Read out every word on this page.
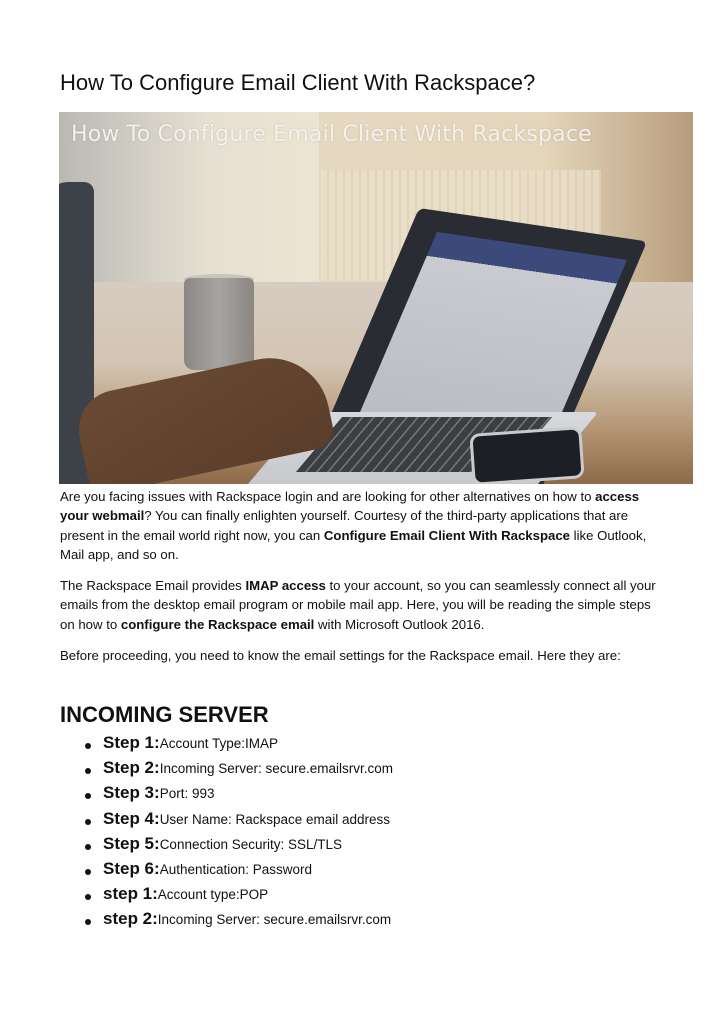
How To Configure Email Client With Rackspace?
How To Configure Email Client With Rackspace

Are you facing issues with Rackspace login and are looking for other alternatives on how to access your webmail? You can finally enlighten yourself. Courtesy of the third-party applications that are present in the email world right now, you can Configure Email Client With Rackspace like Outlook, Mail app, and so on.

The Rackspace Email provides IMAP access to your account, so you can seamlessly connect all your emails from the desktop email program or mobile mail app. Here, you will be reading the simple steps on how to configure the Rackspace email with Microsoft Outlook 2016.

Before proceeding, you need to know the email settings for the Rackspace email. Here they are:

INCOMING SERVER
Step 1:Account Type:IMAP
Step 2:Incoming Server: secure.emailsrvr.com
Step 3:Port: 993
Step 4:User Name: Rackspace email address
Step 5:Connection Security: SSL/TLS
Step 6:Authentication: Password
step 1:Account type:POP
step 2:Incoming Server: secure.emailsrvr.com
